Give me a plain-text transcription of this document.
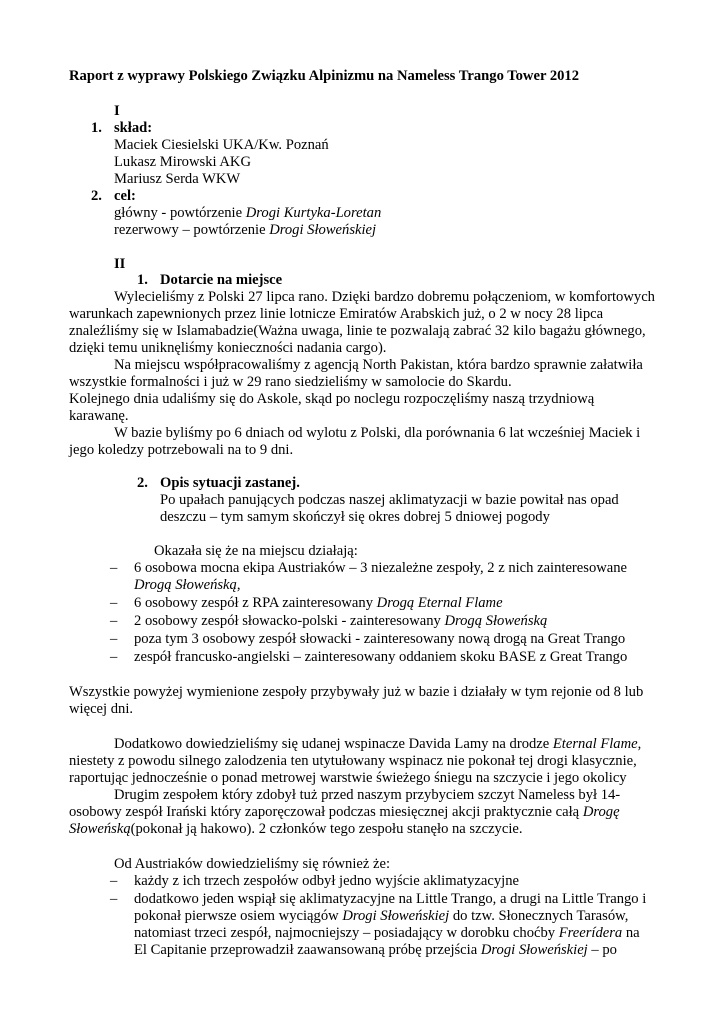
Raport z wyprawy Polskiego Związku Alpinizmu na Nameless Trango Tower 2012
I
1. skład:
Maciek Ciesielski UKA/Kw. Poznań
Lukasz Mirowski AKG
Mariusz Serda WKW
2. cel:
główny - powtórzenie Drogi Kurtyka-Loretan
rezerwowy – powtórzenie Drogi Słoweńskiej
II
1. Dotarcie na miejsce
Wylecieliśmy z Polski 27 lipca rano. Dzięki bardzo dobremu połączeniom, w komfortowych
warunkach zapewnionych przez linie lotnicze Emiratów Arabskich już, o 2 w nocy 28 lipca
znaleźliśmy się w Islamabadzie(Ważna uwaga, linie te pozwalają zabrać 32 kilo bagażu głównego,
dzięki temu uniknęliśmy konieczności nadania cargo).
Na miejscu współpracowaliśmy z agencją North Pakistan, która bardzo sprawnie załatwiła
wszystkie formalności i już w 29 rano siedzieliśmy w samolocie do Skardu.
Kolejnego dnia udaliśmy się do Askole, skąd po noclegu rozpoczęliśmy naszą trzydniową
karawanę.
W bazie byliśmy po 6 dniach od wylotu z Polski, dla porównania 6 lat wcześniej Maciek i
jego koledzy potrzebowali na to 9 dni.
2. Opis sytuacji zastanej.
Po upałach panujących podczas naszej aklimatyzacji w bazie powitał nas opad
deszczu – tym samym skończył się okres dobrej 5 dniowej pogody
Okazała się że na miejscu działają:
– 6 osobowa mocna ekipa Austriaków – 3 niezależne zespoły, 2 z nich zainteresowane
Drogą Słoweńską,
– 6 osobowy zespół z RPA zainteresowany Drogą Eternal Flame
– 2 osobowy zespół słowacko-polski - zainteresowany Drogą Słoweńską
– poza tym 3 osobowy zespół słowacki - zainteresowany nową drogą na Great Trango
– zespół francusko-angielski – zainteresowany oddaniem skoku BASE z Great Trango
Wszystkie powyżej wymienione zespoły przybywały już w bazie i działały w tym rejonie od 8 lub
więcej dni.
Dodatkowo dowiedzieliśmy się udanej wspinacze Davida Lamy na drodze Eternal Flame,
niestety z powodu silnego zalodzenia ten utytułowany wspinacz nie pokonał tej drogi klasycznie,
raportując jednocześnie o ponad metrowej warstwie świeżego śniegu na szczycie i jego okolicy
Drugim zespołem który zdobył tuż przed naszym przybyciem szczyt Nameless był 14-
osobowy zespół Irański który zaporęczował podczas miesięcznej akcji praktycznie całą Drogę
Słoweńską(pokonał ją hakowo). 2 członków tego zespołu stanęło na szczycie.
Od Austriaków dowiedzieliśmy się również że:
– każdy z ich trzech zespołów odbył jedno wyjście aklimatyzacyjne
– dodatkowo jeden wspiął się aklimatyzacyjne na Little Trango, a drugi na Little Trango i
pokonał pierwsze osiem wyciągów Drogi Słoweńskiej do tzw. Słonecznych Tarasów,
natomiast trzeci zespół, najmocniejszy – posiadający w dorobku choćby Freerídera na
El Capitanie przeprowadził zaawansowaną próbę przejścia Drogi Słoweńskiej – po
